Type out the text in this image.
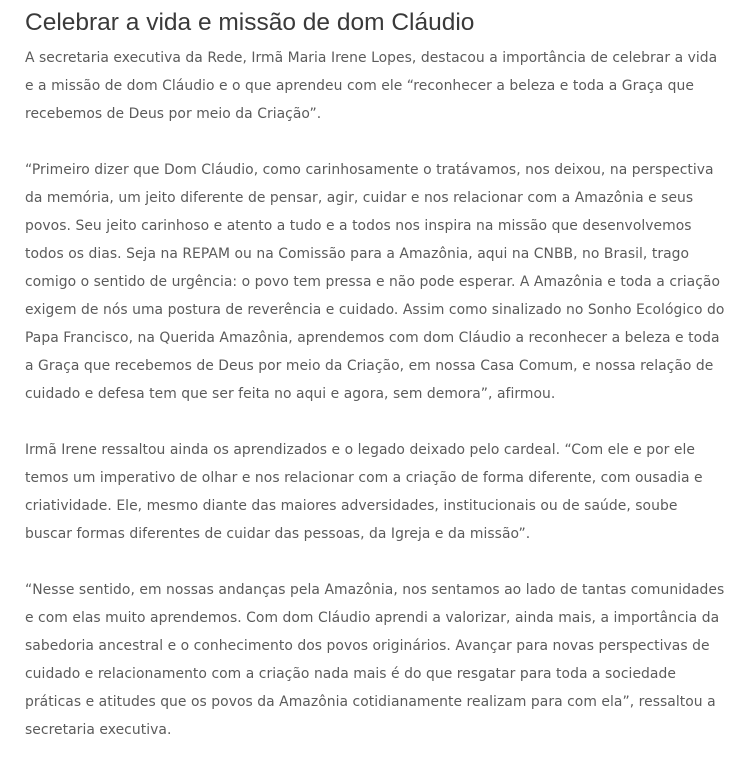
Celebrar a vida e missão de dom Cláudio

A secretaria executiva da Rede, Irmã Maria Irene Lopes, destacou a importância de celebrar a vida e a missão de dom Cláudio e o que aprendeu com ele “reconhecer a beleza e toda a Graça que recebemos de Deus por meio da Criação”.

“Primeiro dizer que Dom Cláudio, como carinhosamente o tratávamos, nos deixou, na perspectiva da memória, um jeito diferente de pensar, agir, cuidar e nos relacionar com a Amazônia e seus povos. Seu jeito carinhoso e atento a tudo e a todos nos inspira na missão que desenvolvemos todos os dias. Seja na REPAM ou na Comissão para a Amazônia, aqui na CNBB, no Brasil, trago comigo o sentido de urgência: o povo tem pressa e não pode esperar. A Amazônia e toda a criação exigem de nós uma postura de reverência e cuidado. Assim como sinalizado no Sonho Ecológico do Papa Francisco, na Querida Amazônia, aprendemos com dom Cláudio a reconhecer a beleza e toda a Graça que recebemos de Deus por meio da Criação, em nossa Casa Comum, e nossa relação de cuidado e defesa tem que ser feita no aqui e agora, sem demora”, afirmou.

Irmã Irene ressaltou ainda os aprendizados e o legado deixado pelo cardeal. “Com ele e por ele temos um imperativo de olhar e nos relacionar com a criação de forma diferente, com ousadia e criatividade. Ele, mesmo diante das maiores adversidades, institucionais ou de saúde, soube buscar formas diferentes de cuidar das pessoas, da Igreja e da missão”.

“Nesse sentido, em nossas andanças pela Amazônia, nos sentamos ao lado de tantas comunidades e com elas muito aprendemos. Com dom Cláudio aprendi a valorizar, ainda mais, a importância da sabedoria ancestral e o conhecimento dos povos originários. Avançar para novas perspectivas de cuidado e relacionamento com a criação nada mais é do que resgatar para toda a sociedade práticas e atitudes que os povos da Amazônia cotidianamente realizam para com ela”, ressaltou a secretaria executiva.
